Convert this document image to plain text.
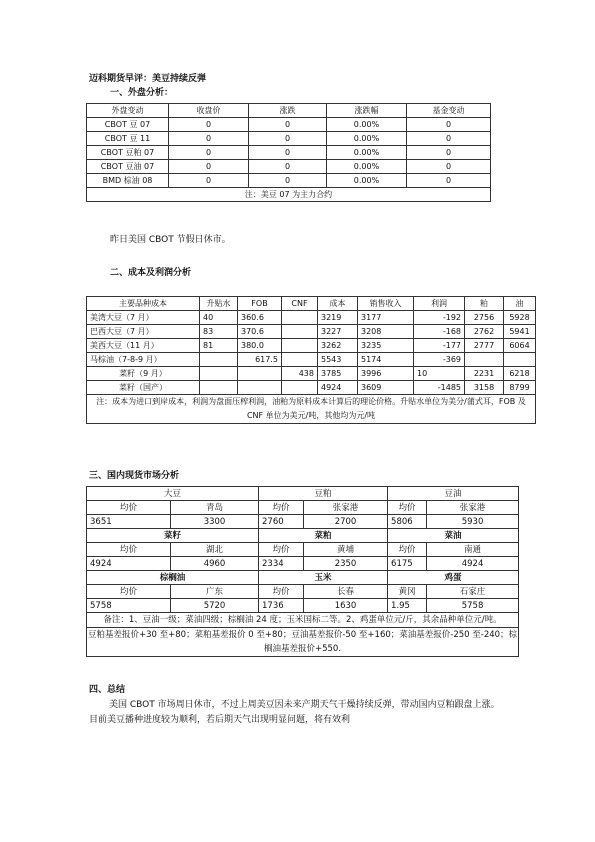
迈科期货早评：美豆持续反弹
一、外盘分析：
外盘变动	收盘价	涨跌	涨跌幅	基金变动
CBOT 豆 07	0	0	0.00%	0
CBOT 豆 11	0	0	0.00%	0
CBOT 豆粕 07	0	0	0.00%	0
CBOT 豆油 07	0	0	0.00%	0
BMD 棕油 08	0	0	0.00%	0
注：美豆 07 为主力合约				
昨日美国 CBOT 节假日休市。
二、成本及利润分析
主要品种成本	升贴水	FOB	CNF	成本	销售收入	利润	粕	油
美湾大豆（7 月）	40	360.6		3219	3177	-192	2756	5928
巴西大豆（7 月）	83	370.6		3227	3208	-168	2762	5941
美西大豆（11 月）	81	380.0		3262	3235	-177	2777	6064
马棕油（7-8-9 月）		617.5		5543	5174	-369		
菜籽（9 月）			438	3785	3996	10	2231	6218
菜籽（国产）				4924	3609	-1485	3158	8799
注：成本为进口到岸成本，利润为盘面压榨利润，油粕为原料成本计算后的理论价格。升贴水单位为美分/蒲式耳，FOB 及 CNF 单位为美元/吨，其他均为元/吨								
三、国内现货市场分析
大豆		豆粕		豆油	
均价	青岛	均价	张家港	均价	张家港
3651	3300	2760	2700	5806	5930
菜籽		菜粕		菜油	
均价	湖北	均价	黄埔	均价	南通
4924	4960	2334	2350	6175	4924
棕榈油		玉米		鸡蛋	
均价	广东	均价	长春	黄冈	石家庄
5758	5720	1736	1630	1.95	5758
备注：1、豆油一级；菜油四级；棕榈油 24 度；玉米国标二等。2、鸡蛋单位元/斤，其余品种单位元/吨。					
豆粕基差报价+30 至+80；菜粕基差报价 0 至+80；豆油基差报价-50 至+160；菜油基差报价-250 至-240；棕榈油基差报价+550.					
四、总结
美国 CBOT 市场周日休市，不过上周美豆因未来产期天气干燥持续反弹，带动国内豆粕跟盘上涨。目前美豆播种进度较为顺利，若后期天气出现明显问题，将有效利
